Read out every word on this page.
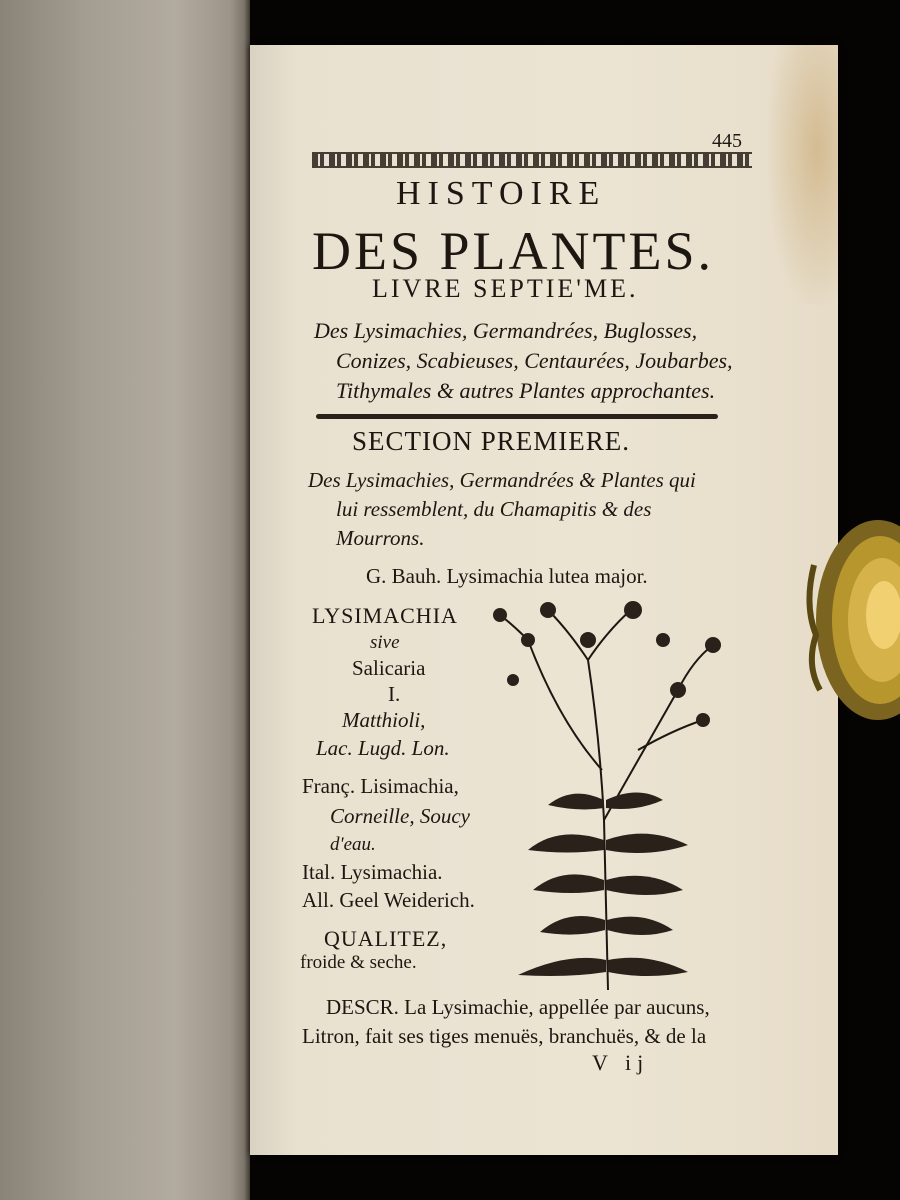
445
HISTOIRE
DES PLANTES.
LIVRE SEPTIE'ME.
Des Lysimachies, Germandrées, Buglosses,
Conizes, Scabieuses, Centaurées, Joubarbes,
Tithymales & autres Plantes approchantes.
SECTION PREMIERE.
Des Lysimachies, Germandrées & Plantes qui
lui ressemblent, du Chamapitis & des
Mourrons.
G. Bauh. Lysimachia lutea major.
LYSIMACHIA
sive
Salicaria
I.
Matthioli,
Lac. Lugd. Lon.
Franç. Lisimachia,
Corneille, Soucy
d'eau.
Ital. Lysimachia.
All. Geel Weiderich.
QUALITEZ,
froide & seche.
DESCR. La Lysimachie, appellée par aucuns,
Litron, fait ses tiges menuës, branchuës, & de la
V ij
